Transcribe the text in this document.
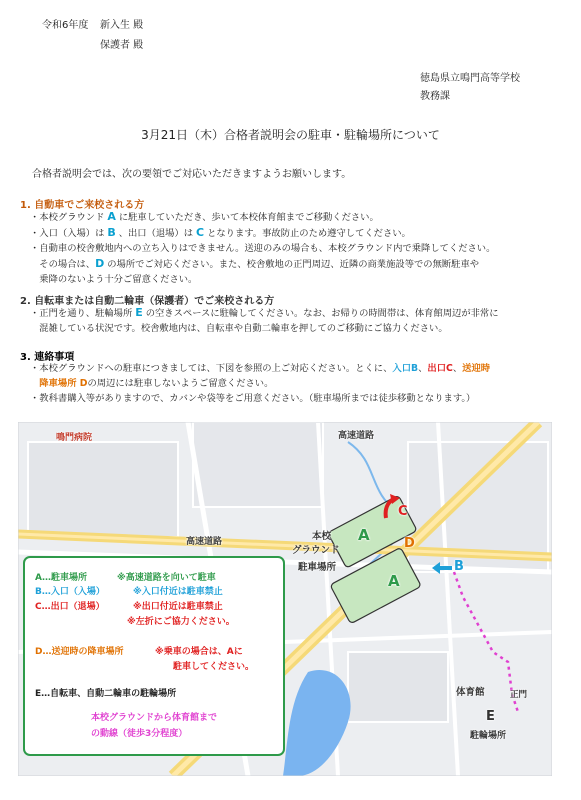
令和6年度 新入生 殿
保護者 殿
徳島県立鳴門高等学校
教務課
3月21日（木）合格者説明会の駐車・駐輪場所について
合格者説明会では、次の要領でご対応いただきますようお願いします。
1. 自動車でご来校される方
・本校グラウンド A に駐車していただき、歩いて本校体育館までご移動ください。
・入口（入場）は B 、出口（退場）は C となります。事故防止のため遵守してください。
・自動車の校舎敷地内への立ち入りはできません。送迎のみの場合も、本校グラウンド内で乗降してください。
　その場合は、D の場所でご対応ください。また、校舎敷地の正門周辺、近隣の商業施設等での無断駐車や
　乗降のないよう十分ご留意ください。
2. 自転車または自動二輪車（保護者）でご来校される方
・正門を通り、駐輪場所 E の空きスペースに駐輪してください。なお、お帰りの時間帯は、体育館周辺が非常に
　混雑している状況です。校舎敷地内は、自転車や自動二輪車を押してのご移動にご協力ください。
3. 連絡事項
・本校グラウンドへの駐車につきましては、下図を参照の上ご対応ください。とくに、入口B、出口C、送迎時
　降車場所 Dの周辺には駐車しないようご留意ください。
・教科書購入等がありますので、カバンや袋等をご用意ください。（駐車場所までは徒歩移動となります。）
鳴門病院	高速道路
高速道路	本校
グラウンド
駐車場所
A
A
B
C
D
E
体育館	正門
駐輪場所
A…駐車場所	※高速道路を向いて駐車
B…入口（入場）	※入口付近は駐車禁止
C…出口（退場）	※出口付近は駐車禁止
※左折にご協力ください。
D…送迎時の降車場所	※乗車の場合は、Aに
駐車してください。
E…自転車、自動二輪車の駐輪場所
本校グラウンドから体育館まで
の動線（徒歩3分程度）
